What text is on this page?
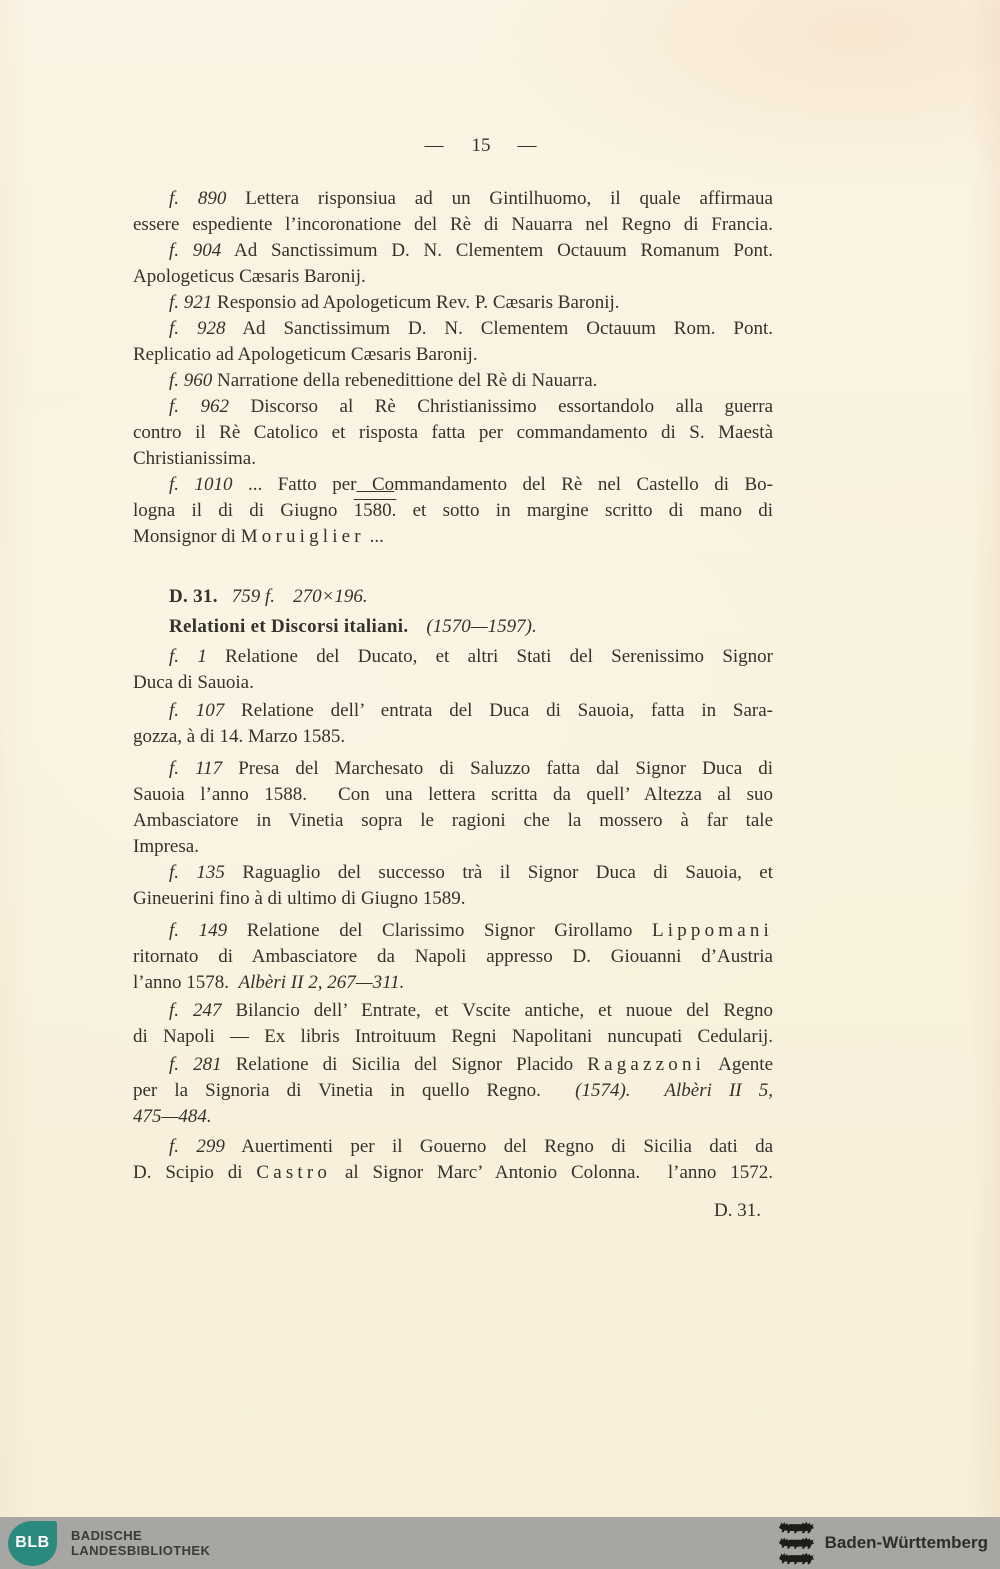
— 15 —
f. 890 Lettera risponsiua ad un Gintilhuomo, il quale affirmaua
essere espediente l’incoronatione del Rè di Nauarra nel Regno di Francia.
f. 904 Ad Sanctissimum D. N. Clementem Octauum Romanum Pont.
Apologeticus Cæsaris Baronij.
f. 921 Responsio ad Apologeticum Rev. P. Cæsaris Baronij.
f. 928 Ad Sanctissimum D. N. Clementem Octauum Rom. Pont.
Replicatio ad Apologeticum Cæsaris Baronij.
f. 960 Narratione della rebenedittione del Rè di Nauarra.
f. 962 Discorso al Rè Christianissimo essortandolo alla guerra
contro il Rè Catolico et risposta fatta per commandamento di S. Maestà
Christianissima.
f. 1010 ... Fatto per Commandamento del Rè nel Castello di Bo-
logna il di di Giugno 1580. et sotto in margine scritto di mano di
Monsignor di Moruiglier ...
D. 31. 759 f. 270×196.
Relationi et Discorsi italiani. (1570—1597).
f. 1 Relatione del Ducato, et altri Stati del Serenissimo Signor
Duca di Sauoia.
f. 107 Relatione dell’ entrata del Duca di Sauoia, fatta in Sara-
gozza, à di 14. Marzo 1585.
f. 117 Presa del Marchesato di Saluzzo fatta dal Signor Duca di
Sauoia l’anno 1588.  Con una lettera scritta da quell’ Altezza al suo
Ambasciatore in Vinetia sopra le ragioni che la mossero à far tale
Impresa.
f. 135 Raguaglio del successo trà il Signor Duca di Sauoia, et
Gineuerini fino à di ultimo di Giugno 1589.
f. 149 Relatione del Clarissimo Signor Girollamo Lippomani
ritornato di Ambasciatore da Napoli appresso D. Giouanni d’Austria
l’anno 1578.  Albèri II 2, 267—311.
f. 247 Bilancio dell’ Entrate, et Vscite antiche, et nuoue del Regno
di Napoli — Ex libris Introituum Regni Napolitani nuncupati Cedularij.
f. 281 Relatione di Sicilia del Signor Placido Ragazzoni Agente
per la Signoria di Vinetia in quello Regno.  (1574).  Albèri II 5,
475—484.
f. 299 Auertimenti per il Gouerno del Regno di Sicilia dati da
D. Scipio di Castro al Signor Marc’ Antonio Colonna.  l’anno 1572.
D. 31.
BLB BADISCHE
LANDESBIBLIOTHEK	Baden-Württemberg
